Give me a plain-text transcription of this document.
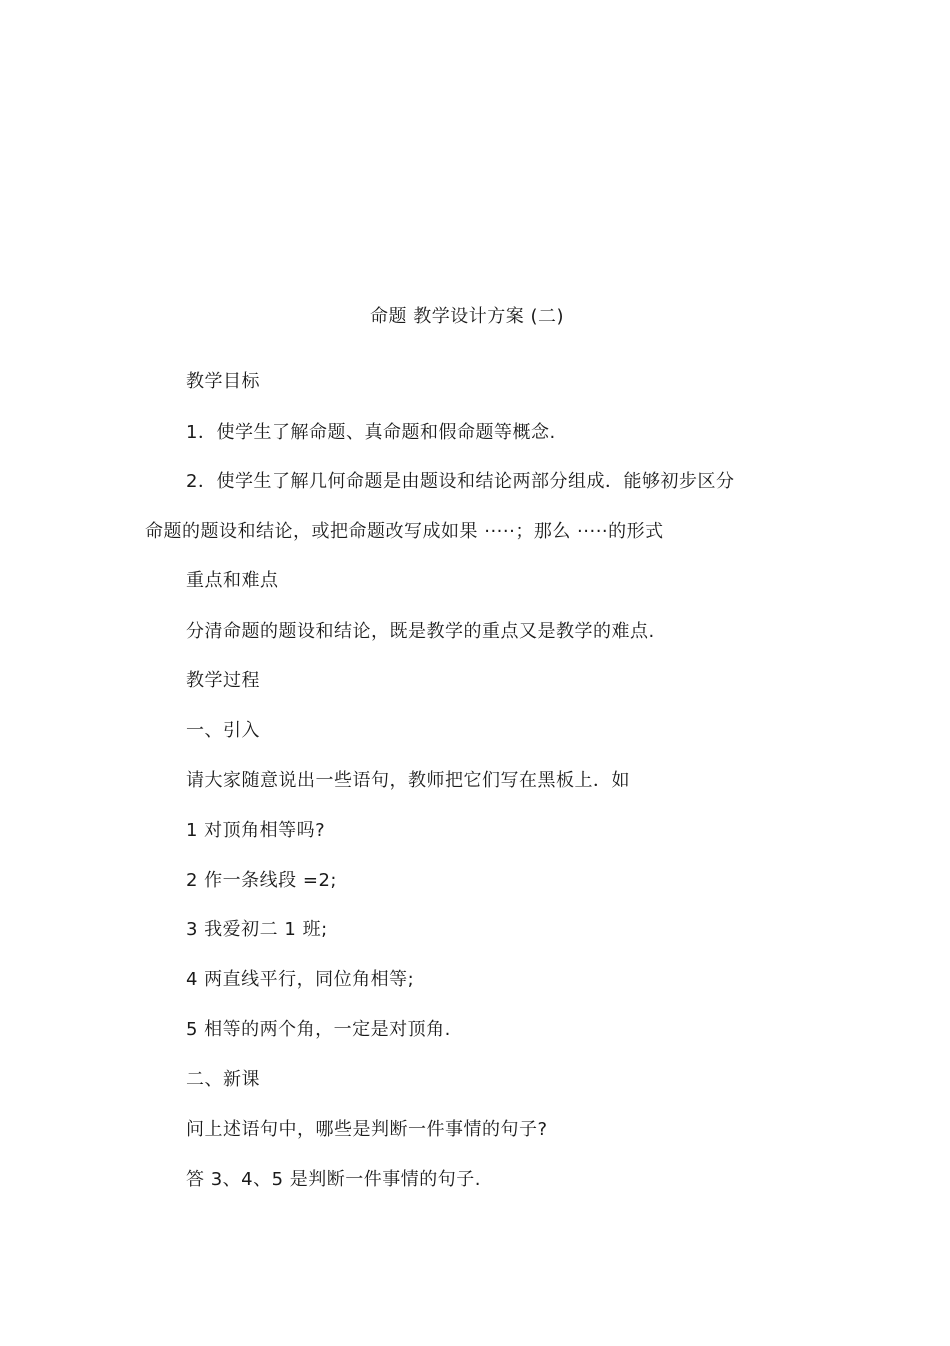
命题 教学设计方案 (二)
教学目标
1．使学生了解命题、真命题和假命题等概念.
2．使学生了解几何命题是由题设和结论两部分组成．能够初步区分
命题的题设和结论，或把命题改写成如果 ·····；那么 ·····的形式
重点和难点
分清命题的题设和结论，既是教学的重点又是教学的难点.
教学过程
一、引入
请大家随意说出一些语句，教师把它们写在黑板上．如
1 对顶角相等吗?
2 作一条线段 =2;
3 我爱初二 1 班;
4 两直线平行，同位角相等;
5 相等的两个角，一定是对顶角.
二、新课
问上述语句中，哪些是判断一件事情的句子?
答 3、4、5 是判断一件事情的句子.
